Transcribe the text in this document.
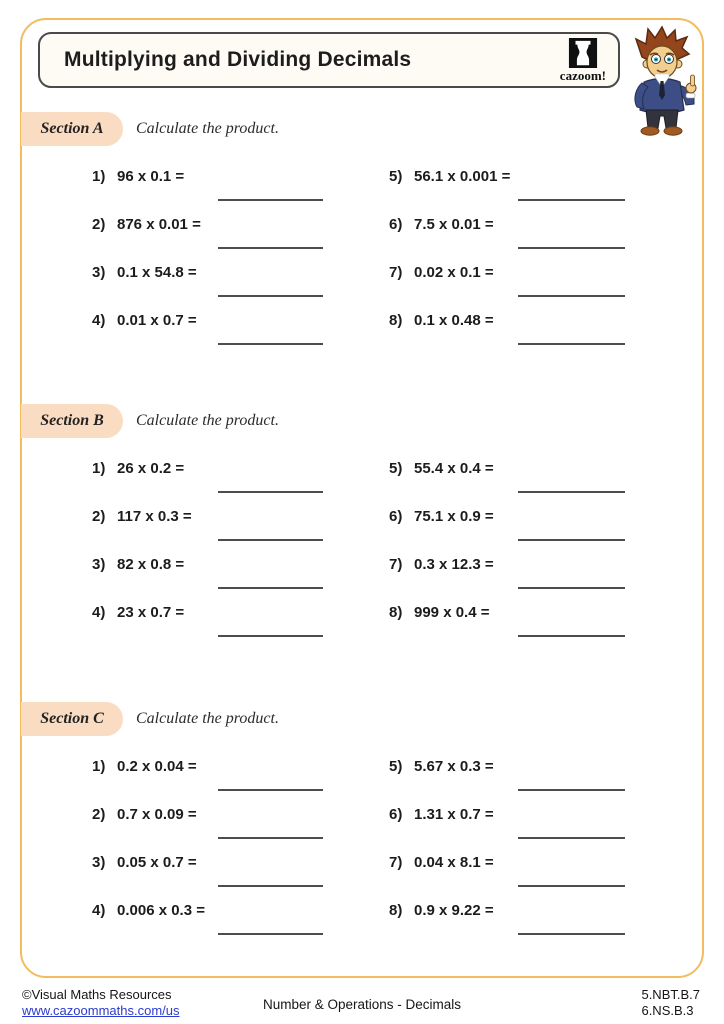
Multiplying and Dividing Decimals
cazoom!
Section A	Calculate the product.
1) 96 x 0.1 =
2) 876 x 0.01 =
3) 0.1 x 54.8 =
4) 0.01 x 0.7 =
5) 56.1 x 0.001 =
6) 7.5 x 0.01 =
7) 0.02 x 0.1 =
8) 0.1 x 0.48 =
Section B	Calculate the product.
1) 26 x 0.2 =
2) 117 x 0.3 =
3) 82 x 0.8 =
4) 23 x 0.7 =
5) 55.4 x 0.4 =
6) 75.1 x 0.9 =
7) 0.3 x 12.3 =
8) 999 x 0.4 =
Section C	Calculate the product.
1) 0.2 x 0.04 =
2) 0.7 x 0.09 =
3) 0.05 x 0.7 =
4) 0.006 x 0.3 =
5) 5.67 x 0.3 =
6) 1.31 x 0.7 =
7) 0.04 x 8.1 =
8) 0.9 x 9.22 =
©Visual Maths Resources
www.cazoommaths.com/us	Number & Operations - Decimals
5.NBT.B.7
6.NS.B.3
